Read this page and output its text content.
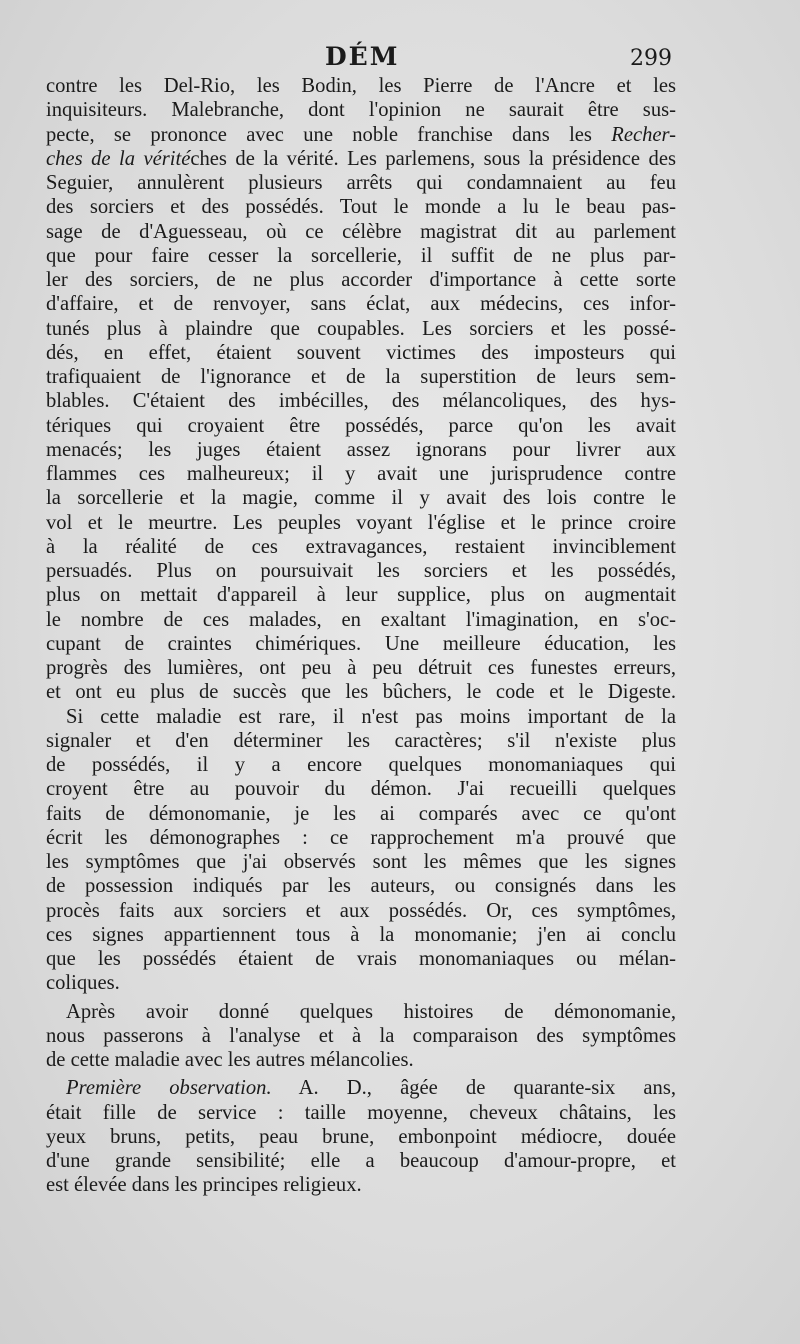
DÉM	299

contre les Del-Rio, les Bodin, les Pierre de l'Ancre et les

inquisiteurs. Malebranche, dont l'opinion ne saurait être sus-

pecte, se prononce avec une noble franchise dans les Recher-

ches de la véritéches de la vérité. Les parlemens, sous la présidence des

Seguier, annulèrent plusieurs arrêts qui condamnaient au feu

des sorciers et des possédés. Tout le monde a lu le beau pas-

sage de d'Aguesseau, où ce célèbre magistrat dit au parlement

que pour faire cesser la sorcellerie, il suffit de ne plus par-

ler des sorciers, de ne plus accorder d'importance à cette sorte

d'affaire, et de renvoyer, sans éclat, aux médecins, ces infor-

tunés plus à plaindre que coupables. Les sorciers et les possé-

dés, en effet, étaient souvent victimes des imposteurs qui

trafiquaient de l'ignorance et de la superstition de leurs sem-

blables. C'étaient des imbécilles, des mélancoliques, des hys-

tériques qui croyaient être possédés, parce qu'on les avait

menacés; les juges étaient assez ignorans pour livrer aux

flammes ces malheureux; il y avait une jurisprudence contre

la sorcellerie et la magie, comme il y avait des lois contre le

vol et le meurtre. Les peuples voyant l'église et le prince croire

à la réalité de ces extravagances, restaient invinciblement

persuadés. Plus on poursuivait les sorciers et les possédés,

plus on mettait d'appareil à leur supplice, plus on augmentait

le nombre de ces malades, en exaltant l'imagination, en s'oc-

cupant de craintes chimériques. Une meilleure éducation, les

progrès des lumières, ont peu à peu détruit ces funestes erreurs,

et ont eu plus de succès que les bûchers, le code et le Digeste.

Si cette maladie est rare, il n'est pas moins important de la

signaler et d'en déterminer les caractères; s'il n'existe plus

de possédés, il y a encore quelques monomaniaques qui

croyent être au pouvoir du démon. J'ai recueilli quelques

faits de démonomanie, je les ai comparés avec ce qu'ont

écrit les démonographes : ce rapprochement m'a prouvé que

les symptômes que j'ai observés sont les mêmes que les signes

de possession indiqués par les auteurs, ou consignés dans les

procès faits aux sorciers et aux possédés. Or, ces symptômes,

ces signes appartiennent tous à la monomanie; j'en ai conclu

que les possédés étaient de vrais monomaniaques ou mélan-

coliques.

Après avoir donné quelques histoires de démonomanie,

nous passerons à l'analyse et à la comparaison des symptômes

de cette maladie avec les autres mélancolies.

Première observation. A. D., âgée de quarante-six ans,

était fille de service : taille moyenne, cheveux châtains, les

yeux bruns, petits, peau brune, embonpoint médiocre, douée

d'une grande sensibilité; elle a beaucoup d'amour-propre, et

est élevée dans les principes religieux.
